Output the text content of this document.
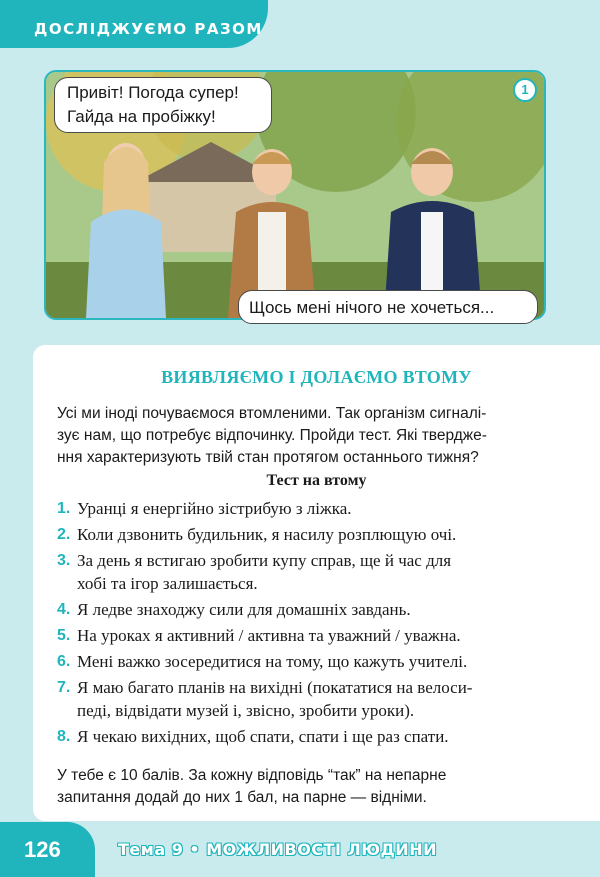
ДОСЛІДЖУЄМО РАЗОМ
1
Привіт! Погода супер!
Гайда на пробіжку!
Щось мені нічого не хочеться...
ВИЯВЛЯЄМО І ДОЛАЄМО ВТОМУ
Усі ми іноді почуваємося втомленими. Так організм сигналі-
зує нам, що потребує відпочинку. Пройди тест. Які твердже-
ння характеризують твій стан протягом останнього тижня?
Тест на втому
1. Уранці я енергійно зістрибую з ліжка.
2. Коли дзвонить будильник, я насилу розплющую очі.
3. За день я встигаю зробити купу справ, ще й час для
хобі та ігор залишається.
4. Я ледве знаходжу сили для домашніх завдань.
5. На уроках я активний / активна та уважний / уважна.
6. Мені важко зосередитися на тому, що кажуть учителі.
7. Я маю багато планів на вихідні (покататися на велоси-
педі, відвідати музей і, звісно, зробити уроки).
8. Я чекаю вихідних, щоб спати, спати і ще раз спати.
У тебе є 10 балів. За кожну відповідь “так” на непарне
запитання додай до них 1 бал, на парне — відніми.
126	Тема 9 • МОЖЛИВОСТІ ЛЮДИНИ
